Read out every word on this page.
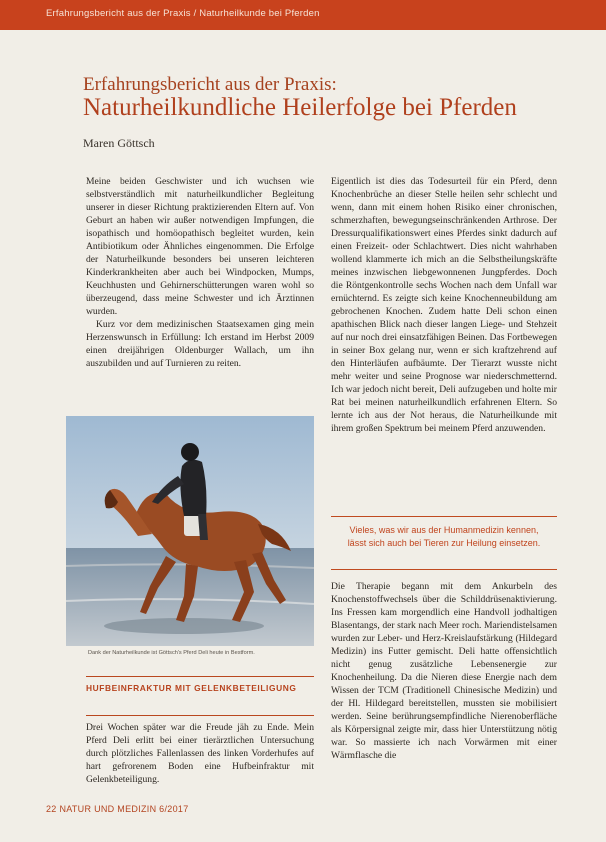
Erfahrungsbericht aus der Praxis / Naturheilkunde bei Pferden
Erfahrungsbericht aus der Praxis:
Naturheilkundliche Heilerfolge bei Pferden
Maren Göttsch

Meine beiden Geschwister und ich wuchsen wie selbstverständlich mit naturheilkundlicher Begleitung unserer in dieser Richtung praktizierenden Eltern auf. Von Geburt an haben wir außer notwendigen Impfungen, die isopathisch und homöopathisch begleitet wurden, kein Antibiotikum oder Ähnliches eingenommen. Die Erfolge der Naturheilkunde besonders bei unseren leichteren Kinderkrankheiten aber auch bei Windpocken, Mumps, Keuchhusten und Gehirnerschütterungen waren wohl so überzeugend, dass meine Schwester und ich Ärztinnen wurden.

Kurz vor dem medizinischen Staatsexamen ging mein Herzenswunsch in Erfüllung: Ich erstand im Herbst 2009 einen dreijährigen Oldenburger Wallach, um ihn auszubilden und auf Turnieren zu reiten.

Dank der Naturheilkunde ist Göttsch's Pferd Deli heute in Bestform.
HUFBEINFRAKTUR MIT GELENKBETEILIGUNG

Drei Wochen später war die Freude jäh zu Ende. Mein Pferd Deli erlitt bei einer tierärztlichen Untersuchung durch plötzliches Fallenlassen des linken Vorderhufes auf hart gefrorenem Boden eine Hufbeinfraktur mit Gelenkbeteiligung.

Eigentlich ist dies das Todesurteil für ein Pferd, denn Knochenbrüche an dieser Stelle heilen sehr schlecht und wenn, dann mit einem hohen Risiko einer chronischen, schmerzhaften, bewegungseinschränkenden Arthrose. Der Dressurqualifikationswert eines Pferdes sinkt dadurch auf einen Freizeit- oder Schlachtwert. Dies nicht wahrhaben wollend klammerte ich mich an die Selbstheilungskräfte meines inzwischen liebgewonnenen Jungpferdes. Doch die Röntgenkontrolle sechs Wochen nach dem Unfall war ernüchternd. Es zeigte sich keine Knochenneubildung am gebrochenen Knochen. Zudem hatte Deli schon einen apathischen Blick nach dieser langen Liege- und Stehzeit auf nur noch drei einsatzfähigen Beinen. Das Fortbewegen in seiner Box gelang nur, wenn er sich kraftzehrend auf den Hinterläufen aufbäumte. Der Tierarzt wusste nicht mehr weiter und seine Prognose war niederschmetternd. Ich war jedoch nicht bereit, Deli aufzugeben und holte mir Rat bei meinen naturheilkundlich erfahrenen Eltern. So lernte ich aus der Not heraus, die Naturheilkunde mit ihrem großen Spektrum bei meinem Pferd anzuwenden.

Vieles, was wir aus der Humanmedizin kennen, lässt sich auch bei Tieren zur Heilung einsetzen.

Die Therapie begann mit dem Ankurbeln des Knochenstoffwechsels über die Schilddrüsenaktivierung. Ins Fressen kam morgendlich eine Handvoll jodhaltigen Blasentangs, der stark nach Meer roch. Mariendistelsamen wurden zur Leber- und Herz-Kreislaufstärkung (Hildegard Medizin) ins Futter gemischt. Deli hatte offensichtlich nicht genug zusätzliche Lebensenergie zur Knochenheilung. Da die Nieren diese Energie nach dem Wissen der TCM (Traditionell Chinesische Medizin) und der Hl. Hildegard bereitstellen, mussten sie mobilisiert werden. Seine berührungsempfindliche Nierenoberfläche als Körpersignal zeigte mir, dass hier Unterstützung nötig war. So massierte ich nach Vorwärmen mit einer Wärmflasche die

22 NATUR UND MEDIZIN 6/2017
